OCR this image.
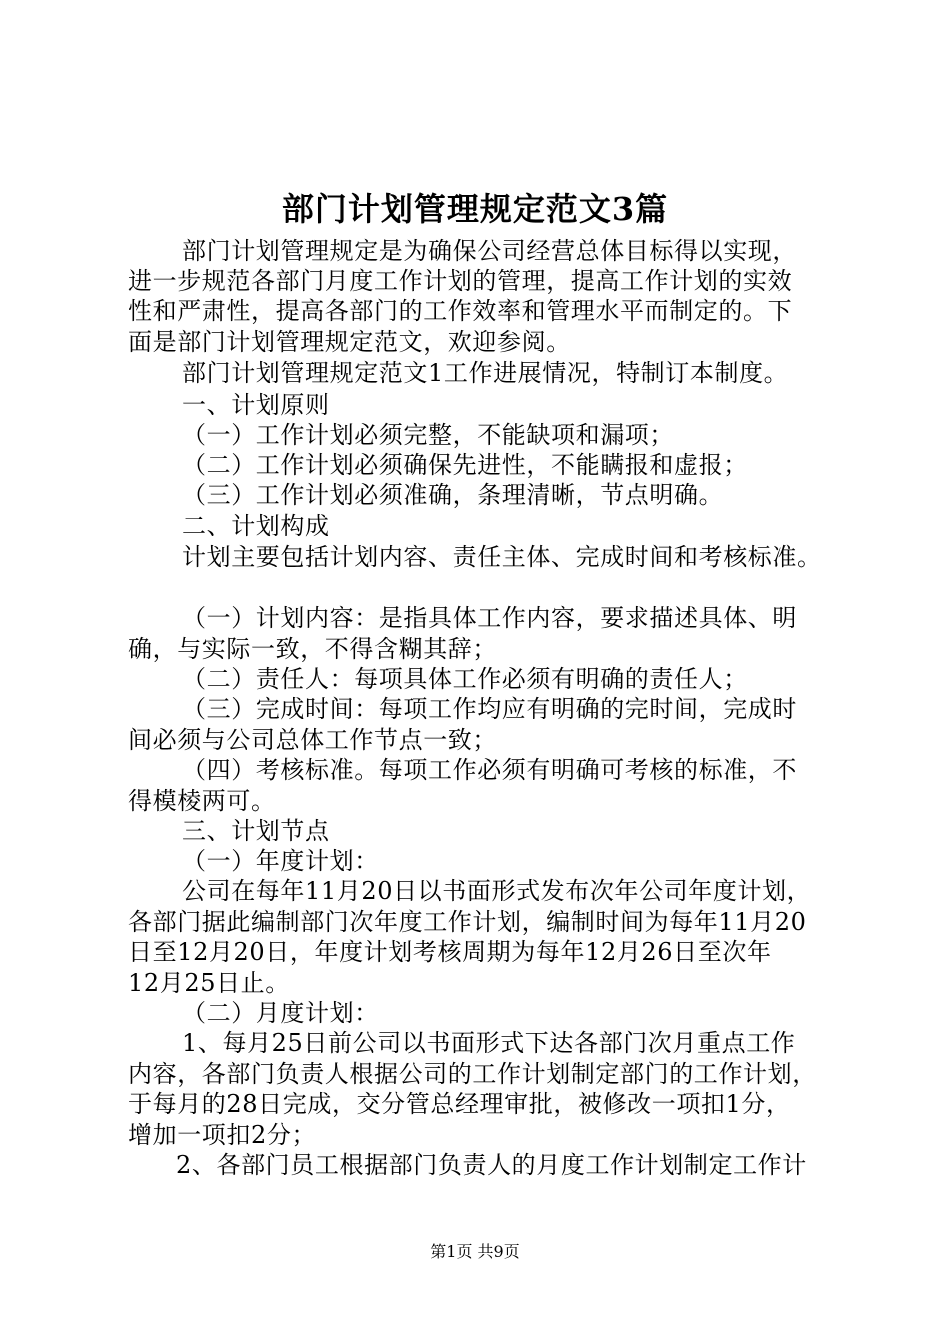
部门计划管理规定范文3篇
部门计划管理规定是为确保公司经营总体目标得以实现，
进一步规范各部门月度工作计划的管理，提高工作计划的实效
性和严肃性，提高各部门的工作效率和管理水平而制定的。下
面是部门计划管理规定范文，欢迎参阅。
部门计划管理规定范文1工作进展情况，特制订本制度。
一、计划原则
（一）工作计划必须完整，不能缺项和漏项；
（二）工作计划必须确保先进性，不能瞒报和虚报；
（三）工作计划必须准确，条理清晰，节点明确。
二、计划构成
计划主要包括计划内容、责任主体、完成时间和考核标准。
（一）计划内容：是指具体工作内容，要求描述具体、明
确，与实际一致，不得含糊其辞；
（二）责任人：每项具体工作必须有明确的责任人；
（三）完成时间：每项工作均应有明确的完时间，完成时
间必须与公司总体工作节点一致；
（四）考核标准。每项工作必须有明确可考核的标准，不
得模棱两可。
三、计划节点
（一）年度计划：
公司在每年11月20日以书面形式发布次年公司年度计划，
各部门据此编制部门次年度工作计划，编制时间为每年11月20
日至12月20日，年度计划考核周期为每年12月26日至次年
12月25日止。
（二）月度计划：
1、每月25日前公司以书面形式下达各部门次月重点工作
内容，各部门负责人根据公司的工作计划制定部门的工作计划，
于每月的28日完成，交分管总经理审批，被修改一项扣1分，
增加一项扣2分；
2、各部门员工根据部门负责人的月度工作计划制定工作计
第1页 共9页
